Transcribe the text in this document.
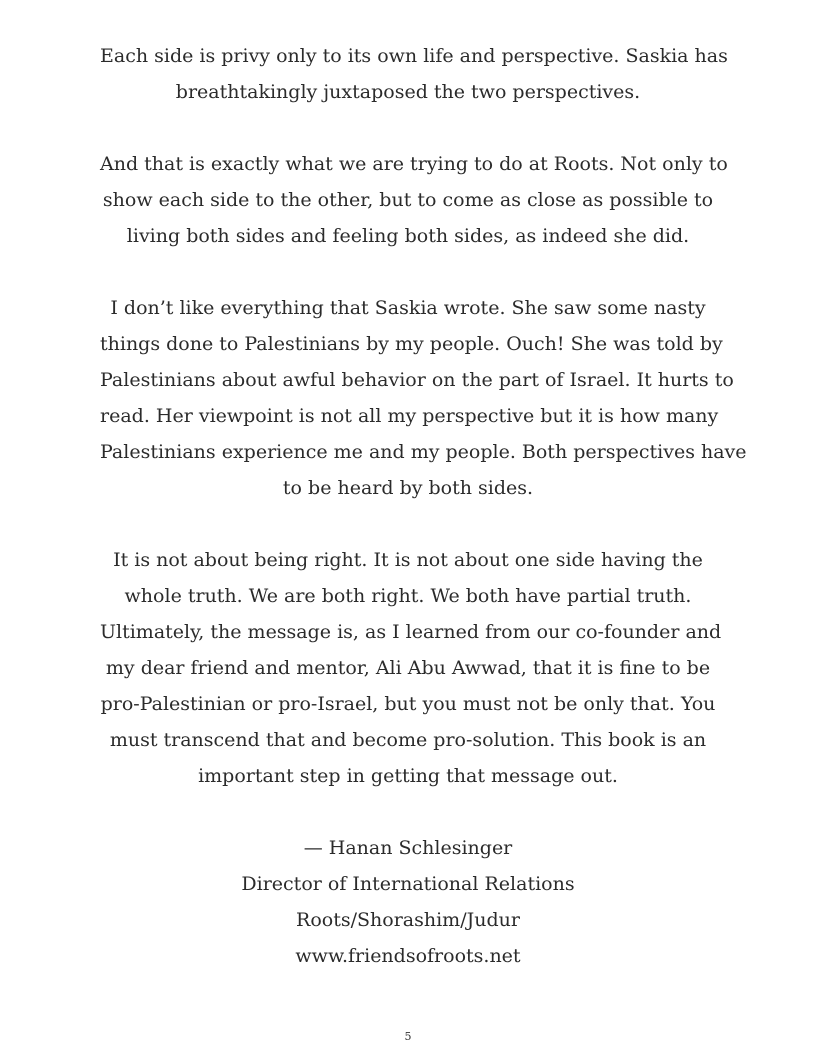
Each side is privy only to its own life and perspective. Saskia has
breathtakingly juxtaposed the two perspectives.

And that is exactly what we are trying to do at Roots. Not only to
show each side to the other, but to come as close as possible to
living both sides and feeling both sides, as indeed she did.

I don’t like everything that Saskia wrote. She saw some nasty
things done to Palestinians by my people. Ouch! She was told by
Palestinians about awful behavior on the part of Israel. It hurts to
read. Her viewpoint is not all my perspective but it is how many
Palestinians experience me and my people. Both perspectives have
to be heard by both sides.

It is not about being right. It is not about one side having the
whole truth. We are both right. We both have partial truth.
Ultimately, the message is, as I learned from our co-founder and
my dear friend and mentor, Ali Abu Awwad, that it is fine to be
pro-Palestinian or pro-Israel, but you must not be only that. You
must transcend that and become pro-solution. This book is an
important step in getting that message out.

— Hanan Schlesinger
Director of International Relations
Roots/Shorashim/Judur
www.friendsofroots.net
5
